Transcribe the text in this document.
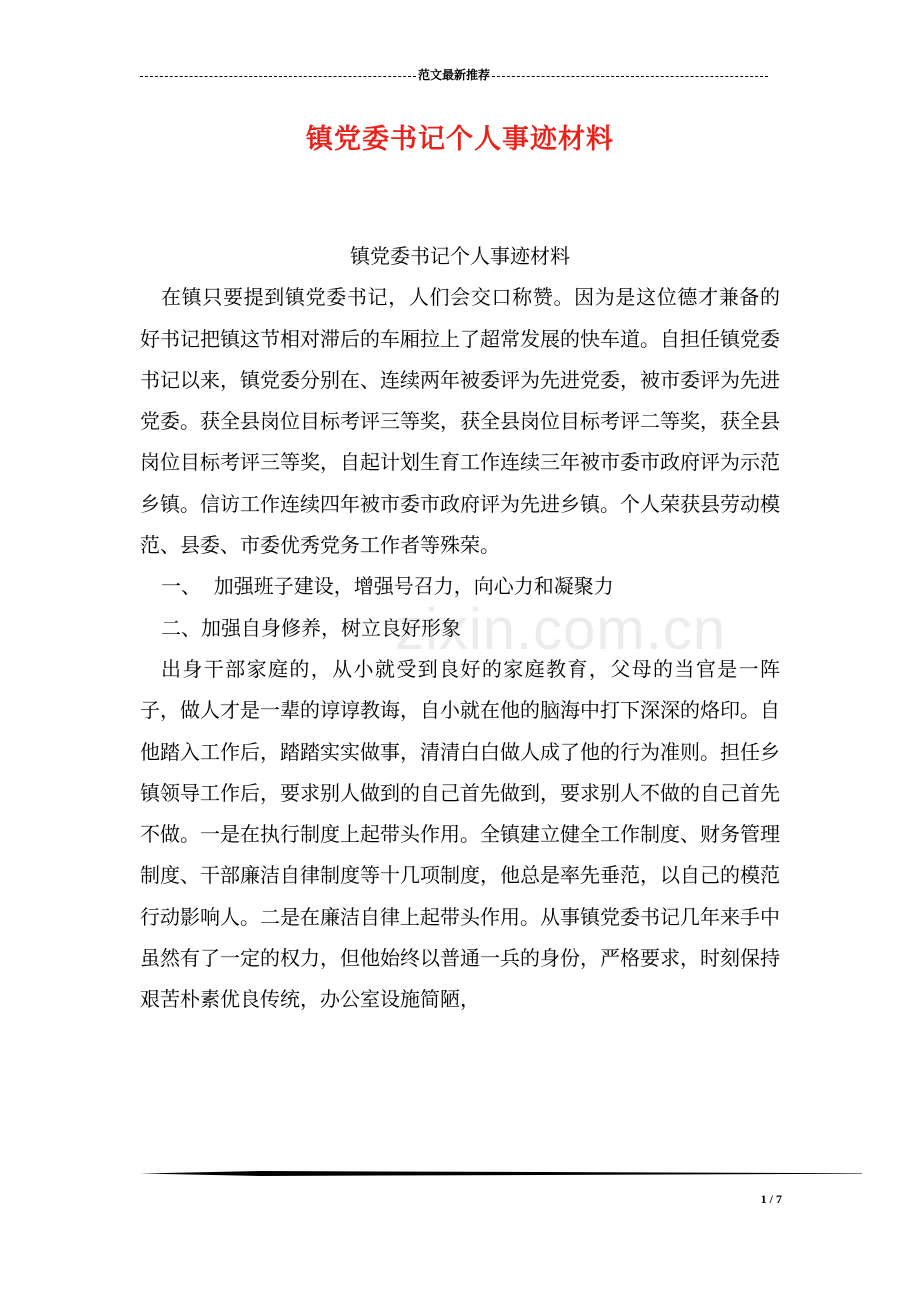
范文最新推荐
镇党委书记个人事迹材料
zixin.com.cn

镇党委书记个人事迹材料

在镇只要提到镇党委书记，人们会交口称赞。因为是这位德才兼备的好书记把镇这节相对滞后的车厢拉上了超常发展的快车道。自担任镇党委书记以来，镇党委分别在、连续两年被委评为先进党委，被市委评为先进党委。获全县岗位目标考评三等奖，获全县岗位目标考评二等奖，获全县岗位目标考评三等奖，自起计划生育工作连续三年被市委市政府评为示范乡镇。信访工作连续四年被市委市政府评为先进乡镇。个人荣获县劳动模范、县委、市委优秀党务工作者等殊荣。

一、  加强班子建设，增强号召力，向心力和凝聚力

二、加强自身修养，树立良好形象

出身干部家庭的，从小就受到良好的家庭教育，父母的当官是一阵子，做人才是一辈的谆谆教诲，自小就在他的脑海中打下深深的烙印。自他踏入工作后，踏踏实实做事，清清白白做人成了他的行为准则。担任乡镇领导工作后，要求别人做到的自己首先做到，要求别人不做的自己首先不做。一是在执行制度上起带头作用。全镇建立健全工作制度、财务管理制度、干部廉洁自律制度等十几项制度，他总是率先垂范，以自己的模范行动影响人。二是在廉洁自律上起带头作用。从事镇党委书记几年来手中虽然有了一定的权力，但他始终以普通一兵的身份，严格要求，时刻保持艰苦朴素优良传统，办公室设施简陋，

1 / 7
